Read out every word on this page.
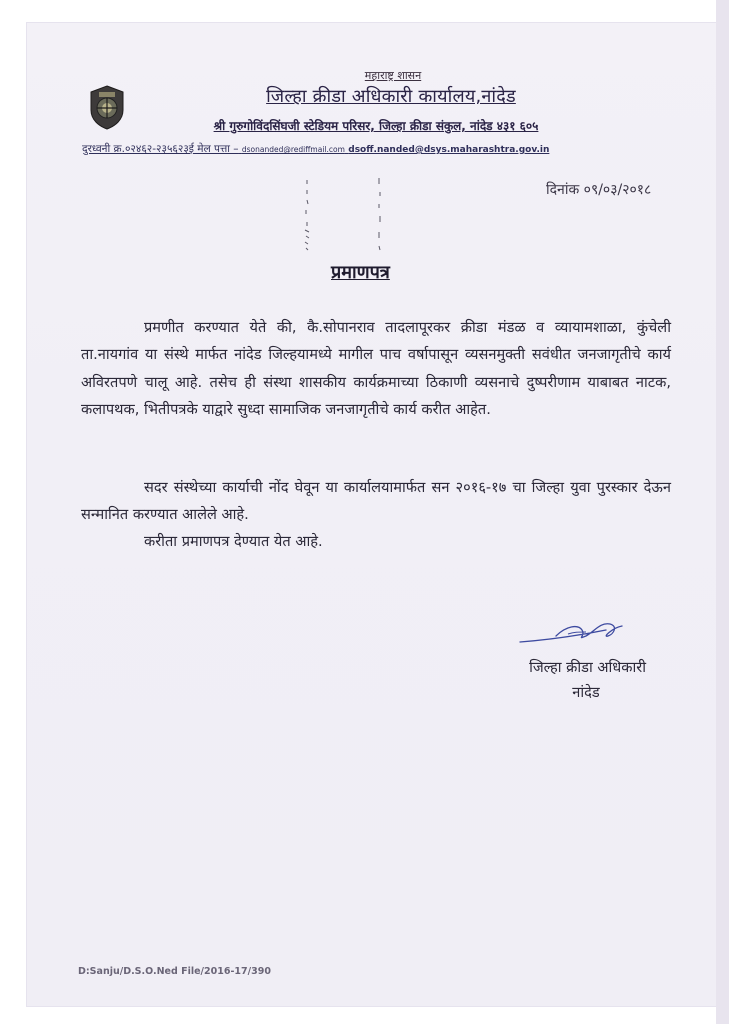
महाराष्ट्र शासन
जिल्हा क्रीडा अधिकारी कार्यालय,नांदेड
श्री गुरुगोविंदसिंघजी स्टेडियम परिसर, जिल्हा क्रीडा संकुल, नांदेड ४३१ ६०५
दुरध्वनी क्र.०२४६२-२३५६२३ई मेल पत्ता – dsonanded@rediffmail.com dsoff.nanded@dsys.maharashtra.gov.in
दिनांक ०९/०३/२०१८
प्रमाणपत्र

प्रमणीत करण्यात येते की, कै.सोपानराव तादलापूरकर क्रीडा मंडळ व व्यायामशाळा, कुंचेली ता.नायगांव या संस्थे मार्फत नांदेड जिल्हयामध्ये मागील पाच वर्षापासून व्यसनमुक्ती सवंधीत जनजागृतीचे कार्य अविरतपणे चालू आहे. तसेच ही संस्था शासकीय कार्यक्रमाच्या ठिकाणी व्यसनाचे दुष्परीणाम याबाबत नाटक, कलापथक, भितीपत्रके याद्वारे सुध्दा सामाजिक जनजागृतीचे कार्य करीत आहेत.

सदर संस्थेच्या कार्याची नोंद घेवून या कार्यालयामार्फत सन २०१६-१७ चा जिल्हा युवा पुरस्कार देऊन सन्मानित करण्यात आलेले आहे.

करीता प्रमाणपत्र देण्यात येत आहे.

जिल्हा क्रीडा अधिकारी
नांदेड
D:Sanju/D.S.O.Ned File/2016-17/390
